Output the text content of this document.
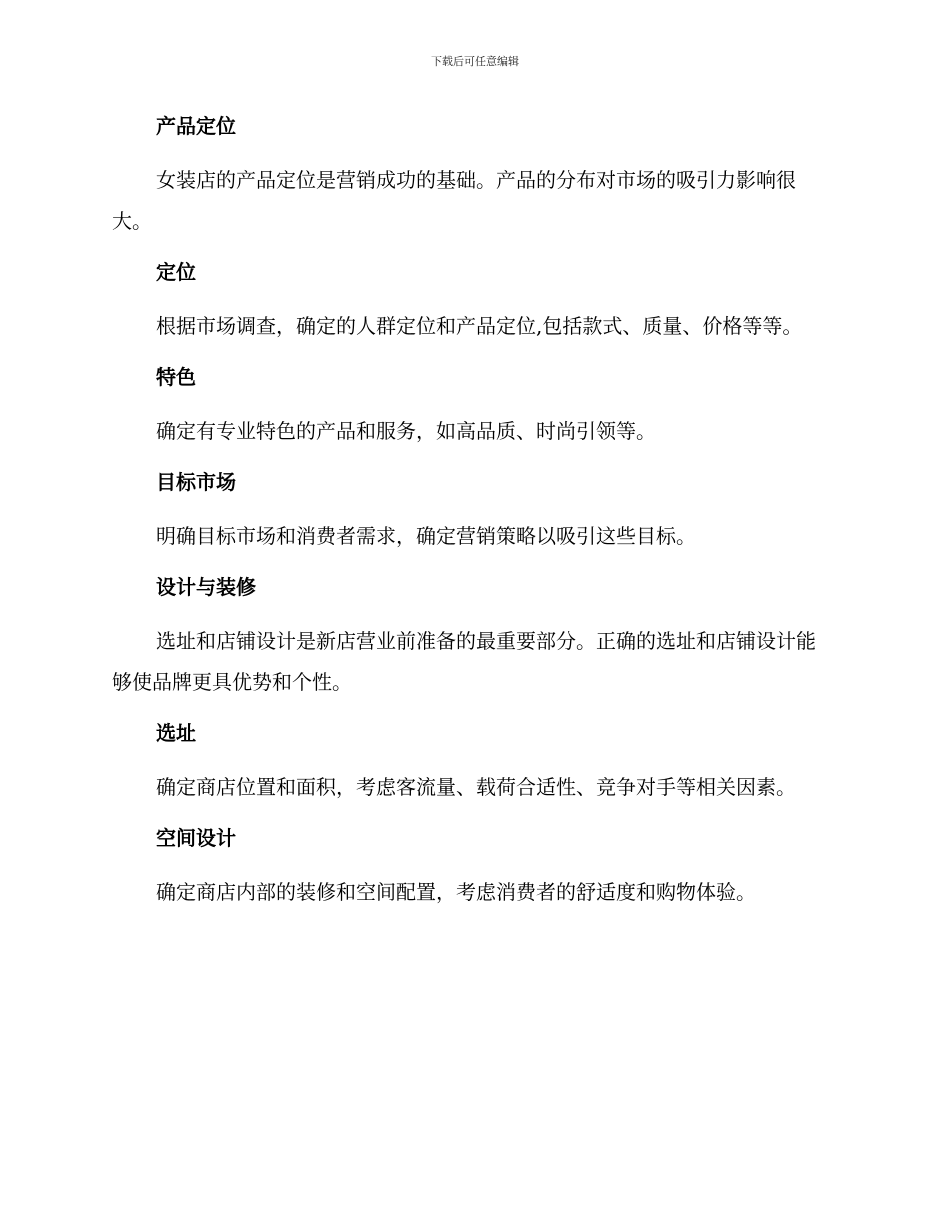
下载后可任意编辑
产品定位

女装店的产品定位是营销成功的基础。产品的分布对市场的吸引力影响很大。

定位

根据市场调查，确定的人群定位和产品定位,包括款式、质量、价格等等。

特色

确定有专业特色的产品和服务，如高品质、时尚引领等。

目标市场

明确目标市场和消费者需求，确定营销策略以吸引这些目标。

设计与装修

选址和店铺设计是新店营业前准备的最重要部分。正确的选址和店铺设计能够使品牌更具优势和个性。

选址

确定商店位置和面积，考虑客流量、载荷合适性、竞争对手等相关因素。

空间设计

确定商店内部的装修和空间配置，考虑消费者的舒适度和购物体验。
